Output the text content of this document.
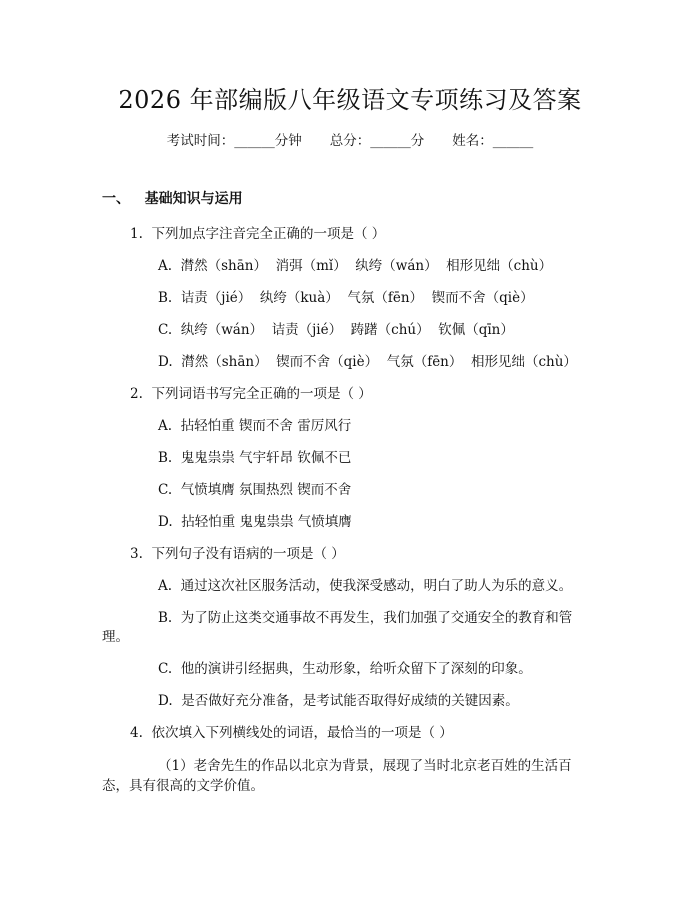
2026 年部编版八年级语文专项练习及答案
考试时间：______分钟 总分：______分 姓名：______
一、   基础知识与运用
1.  下列加点字注音完全正确的一项是（ ）
A.  潸然（shān）  消弭（mǐ）  纨绔（wán）  相形见绌（chù）
B.  诘责（jié）  纨绔（kuà）  气氛（fēn）  锲而不舍（qiè）
C.  纨绔（wán）  诘责（jié）  踌躇（chú）  钦佩（qīn）
D.  潸然（shān）  锲而不舍（qiè）  气氛（fēn）  相形见绌（chù）
2.  下列词语书写完全正确的一项是（ ）
A.  拈轻怕重 锲而不舍 雷厉风行
B.  鬼鬼祟祟 气宇轩昂 钦佩不已
C.  气愤填膺 氛围热烈 锲而不舍
D.  拈轻怕重 鬼鬼祟祟 气愤填膺
3.  下列句子没有语病的一项是（ ）
A.  通过这次社区服务活动，使我深受感动，明白了助人为乐的意义。
B.  为了防止这类交通事故不再发生，我们加强了交通安全的教育和管
理。
C.  他的演讲引经据典，生动形象，给听众留下了深刻的印象。
D.  是否做好充分准备，是考试能否取得好成绩的关键因素。
4.  依次填入下列横线处的词语，最恰当的一项是（ ）
（1）老舍先生的作品以北京为背景，展现了当时北京老百姓的生活百
态，具有很高的文学价值。
